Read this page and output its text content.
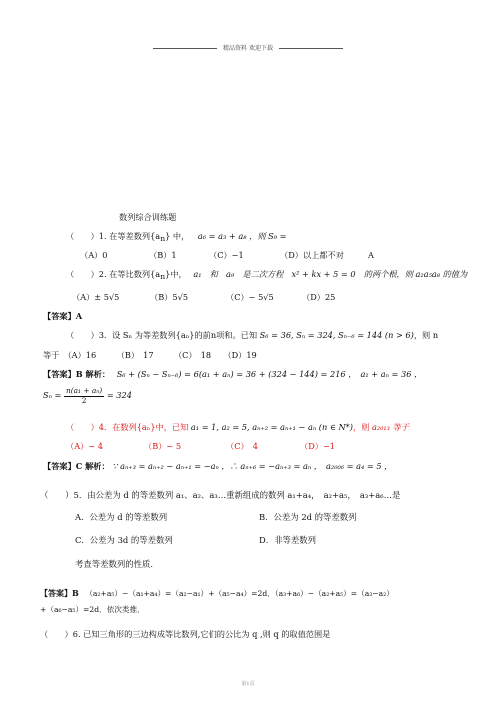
精品资料 欢迎下载
数列综合训练题
（　　）1. 在等差数列{an} 中， a₆ = a₃ + a₈ ，则 S₉ =
（A）0	（B）1	（C）−1	（D）以上都不对	A
（　　）2. 在等比数列{an}中， a₁　和　a₉　是二次方程　x² + kx + 5 = 0　的两个根，则 a₂a₅a₈ 的值为
（A）± 5√5	（B）5√5	（C）− 5√5	（D）25
【答案】A
（　　）3．设 Sₙ 为等差数列{aₙ}的前n项和。已知 S₆ = 36, Sₙ = 324, Sₙ₋₆ = 144 (n > 6)，则 n
等于　（A）16　　　（B）　17　　　（C）　18　　（D）19
【答案】B 解析： S₆ + (Sₙ − Sₙ₋₆) = 6(a₁ + aₙ) = 36 + (324 − 144) = 216 ，　a₁ + aₙ = 36 ，
$S_n = \frac{\text{n(a₁ + aₙ)}}{2} = 324$
（　　）4．在数列{aₙ}中，已知 a₁ = 1, a₂ = 5, aₙ₊₂ = aₙ₊₁ − aₙ (n ∈ N*)，则 a₂₀₁₃ 等于
（A）− 4	（B）− 5	（C）　4	（D）−1
【答案】C 解析： ∵ aₙ₊₃ = aₙ₊₂ − aₙ₊₁ = −aₙ ，∴ aₙ₊₆ = −aₙ₊₃ = aₙ ，　a₂₀₀₆ = a₄ = 5 ，
（　　）5．由公差为 d 的等差数列 a₁、a₂、a₃…重新组成的数列 a₁+a₄，　a₂+a₅，　a₃+a₆…是
A．公差为 d 的等差数列	B．公差为 2d 的等差数列
C．公差为 3d 的等差数列	D．非等差数列
考查等差数列的性质．
【答案】B （a₂+a₅）−（a₁+a₄）=（a₂−a₁）+（a₅−a₄）=2d．（a₃+a₆）−（a₂+a₅）=（a₃−a₂）
+（a₆−a₅）=2d．依次类推．
（　　）6. 已知三角形的三边构成等比数列,它们的公比为 q ,则 q 的取值范围是
第1页
